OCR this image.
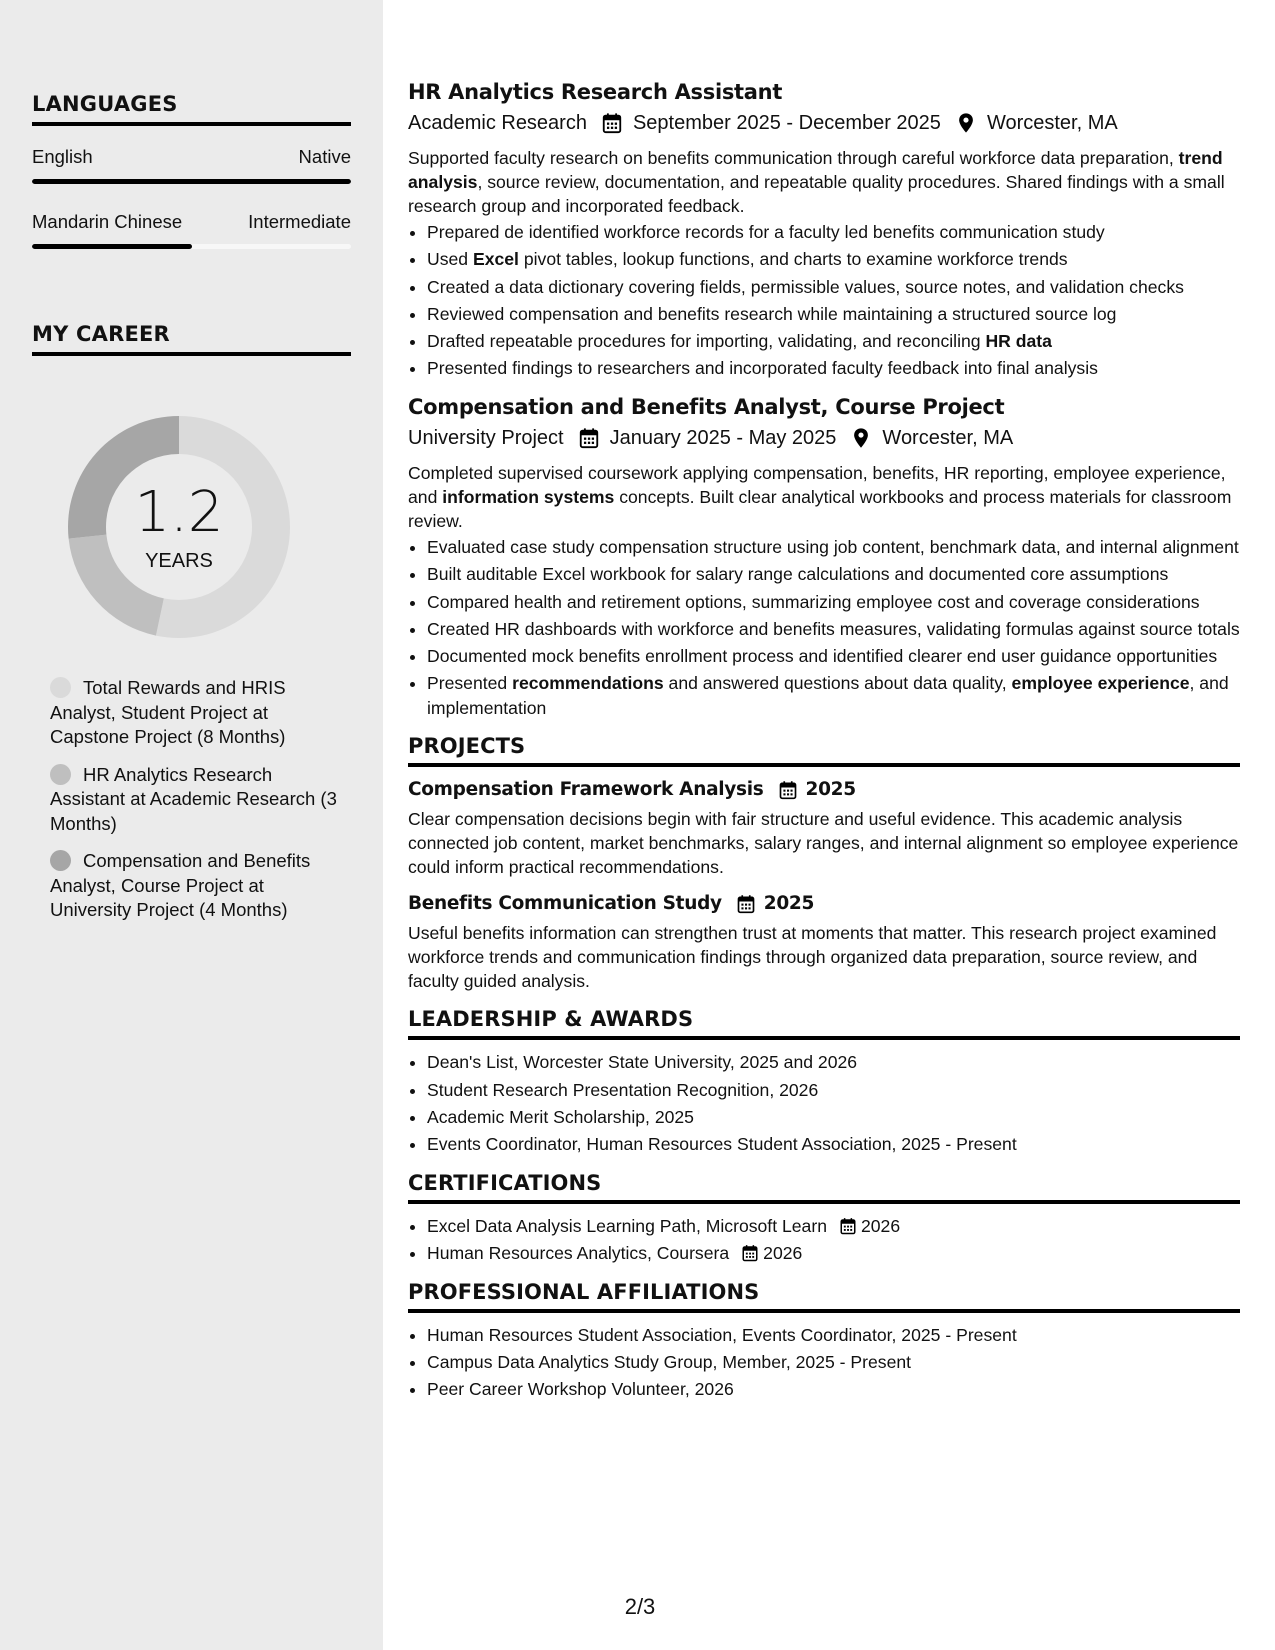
LANGUAGES
English	Native
Mandarin Chinese	Intermediate
MY CAREER
1.2
YEARS
Total Rewards and HRIS Analyst, Student Project at Capstone Project (8 Months)
HR Analytics Research Assistant at Academic Research (3 Months)
Compensation and Benefits Analyst, Course Project at University Project (4 Months)
HR Analytics Research Assistant
Academic Research September 2025 - December 2025 Worcester, MA

Supported faculty research on benefits communication through careful workforce data preparation, trend analysis, source review, documentation, and repeatable quality procedures. Shared findings with a small research group and incorporated feedback.

• Prepared de identified workforce records for a faculty led benefits communication study
• Used Excel pivot tables, lookup functions, and charts to examine workforce trends
• Created a data dictionary covering fields, permissible values, source notes, and validation checks
• Reviewed compensation and benefits research while maintaining a structured source log
• Drafted repeatable procedures for importing, validating, and reconciling HR data
• Presented findings to researchers and incorporated faculty feedback into final analysis
Compensation and Benefits Analyst, Course Project
University Project January 2025 - May 2025 Worcester, MA

Completed supervised coursework applying compensation, benefits, HR reporting, employee experience, and information systems concepts. Built clear analytical workbooks and process materials for classroom review.

• Evaluated case study compensation structure using job content, benchmark data, and internal alignment
• Built auditable Excel workbook for salary range calculations and documented core assumptions
• Compared health and retirement options, summarizing employee cost and coverage considerations
• Created HR dashboards with workforce and benefits measures, validating formulas against source totals
• Documented mock benefits enrollment process and identified clearer end user guidance opportunities
• Presented recommendations and answered questions about data quality, employee experience, and implementation
PROJECTS
Compensation Framework Analysis 2025

Clear compensation decisions begin with fair structure and useful evidence. This academic analysis connected job content, market benchmarks, salary ranges, and internal alignment so employee experience could inform practical recommendations.

Benefits Communication Study 2025

Useful benefits information can strengthen trust at moments that matter. This research project examined workforce trends and communication findings through organized data preparation, source review, and faculty guided analysis.

LEADERSHIP & AWARDS
• Dean's List, Worcester State University, 2025 and 2026
• Student Research Presentation Recognition, 2026
• Academic Merit Scholarship, 2025
• Events Coordinator, Human Resources Student Association, 2025 - Present
CERTIFICATIONS
• Excel Data Analysis Learning Path, Microsoft Learn 2026
• Human Resources Analytics, Coursera 2026
PROFESSIONAL AFFILIATIONS
• Human Resources Student Association, Events Coordinator, 2025 - Present
• Campus Data Analytics Study Group, Member, 2025 - Present
• Peer Career Workshop Volunteer, 2026
2/3
